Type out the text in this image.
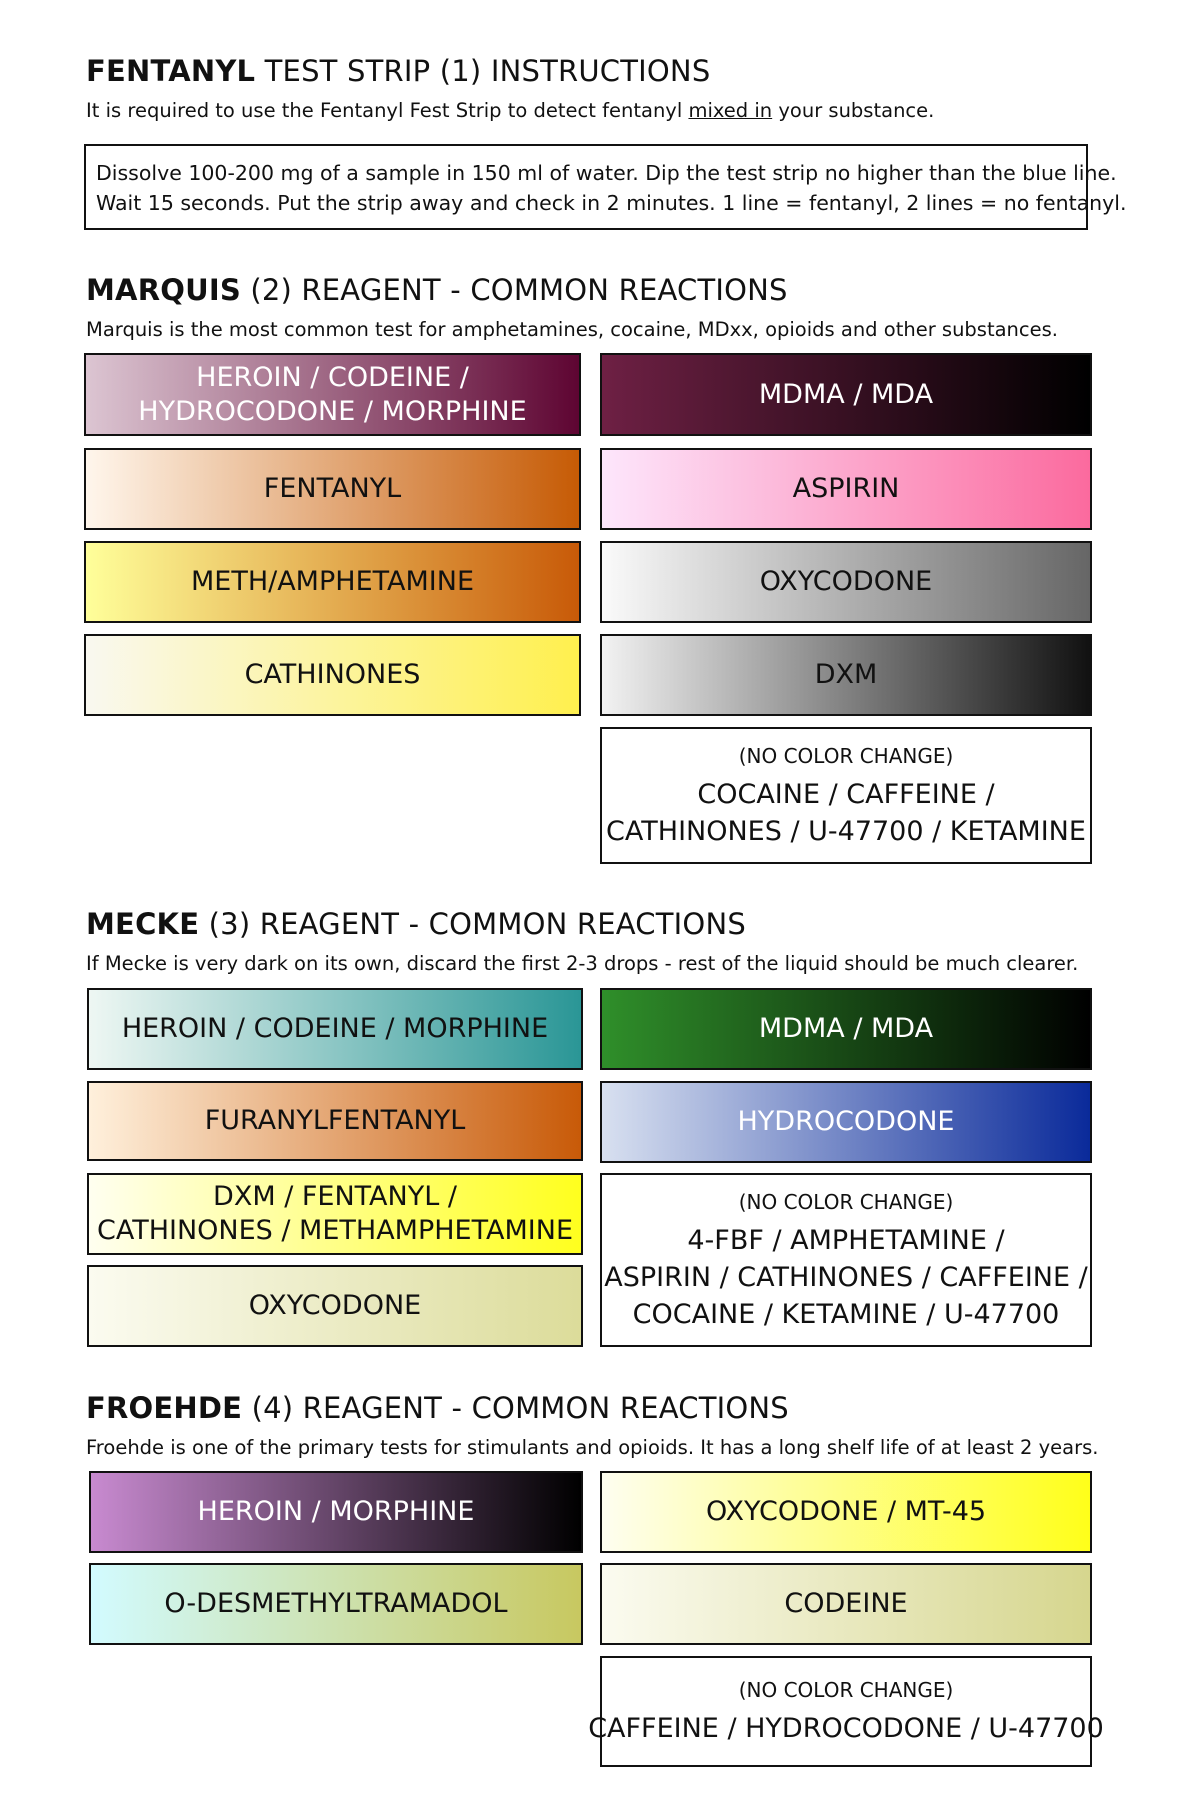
FENTANYL TEST STRIP (1) INSTRUCTIONS
It is required to use the Fentanyl Fest Strip to detect fentanyl mixed in your substance.
Dissolve 100-200 mg of a sample in 150 ml of water. Dip the test strip no higher than the blue line.
Wait 15 seconds. Put the strip away and check in 2 minutes. 1 line = fentanyl, 2 lines = no fentanyl.
MARQUIS (2) REAGENT - COMMON REACTIONS
Marquis is the most common test for amphetamines, cocaine, MDxx, opioids and other substances.
HEROIN / CODEINE /
HYDROCODONE / MORPHINE
MDMA / MDA
FENTANYL	ASPIRIN
METH/AMPHETAMINE	OXYCODONE
CATHINONES	DXM
(NO COLOR CHANGE)
COCAINE / CAFFEINE /
CATHINONES / U-47700 / KETAMINE
MECKE (3) REAGENT - COMMON REACTIONS
If Mecke is very dark on its own, discard the first 2-3 drops - rest of the liquid should be much clearer.
HEROIN / CODEINE / MORPHINE	MDMA / MDA
FURANYLFENTANYL	HYDROCODONE
DXM / FENTANYL /
CATHINONES / METHAMPHETAMINE
OXYCODONE
(NO COLOR CHANGE)
4-FBF / AMPHETAMINE /
ASPIRIN / CATHINONES / CAFFEINE /
COCAINE / KETAMINE / U-47700
FROEHDE (4) REAGENT - COMMON REACTIONS
Froehde is one of the primary tests for stimulants and opioids. It has a long shelf life of at least 2 years.
HEROIN / MORPHINE	OXYCODONE / MT-45
O-DESMETHYLTRAMADOL	CODEINE
(NO COLOR CHANGE)
CAFFEINE / HYDROCODONE / U-47700
